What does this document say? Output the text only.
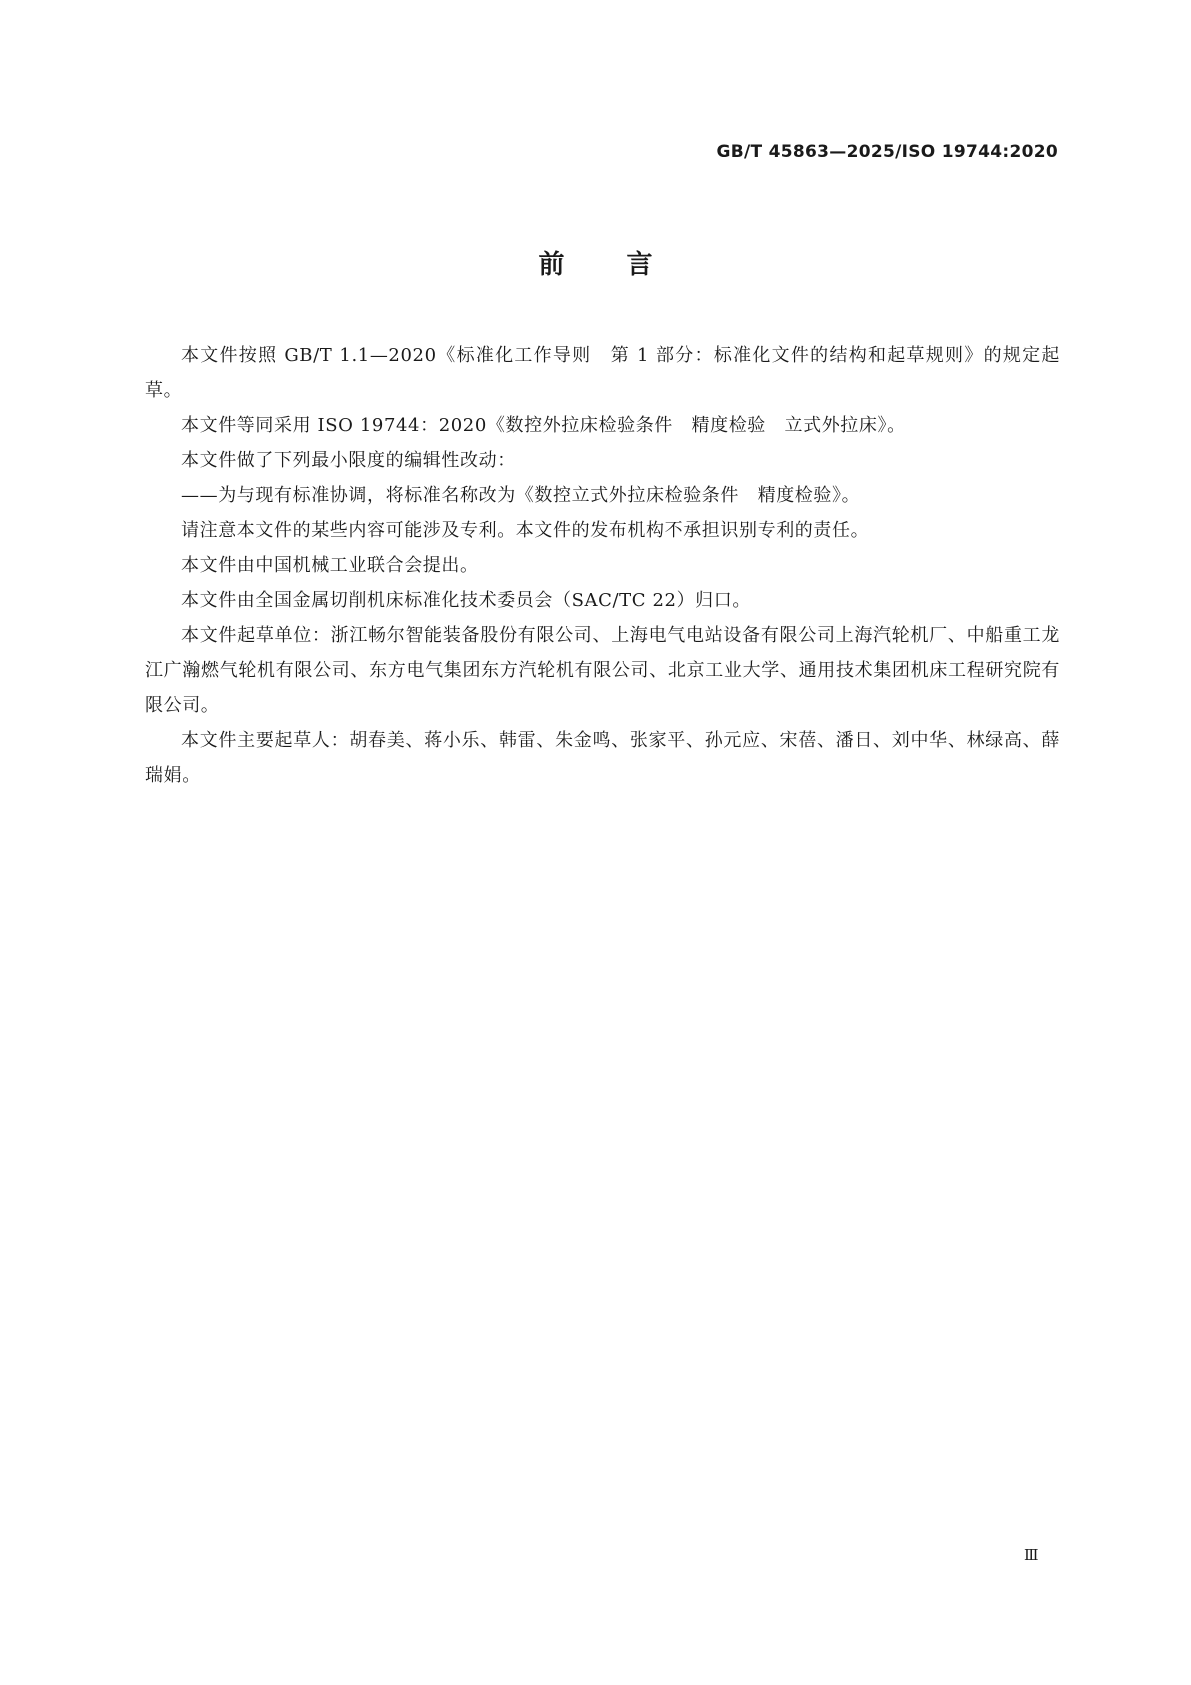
GB/T 45863—2025/ISO 19744:2020
前 言

本文件按照 GB/T 1.1—2020《标准化工作导则　第 1 部分：标准化文件的结构和起草规则》的规定起草。

本文件等同采用 ISO 19744：2020《数控外拉床检验条件　精度检验　立式外拉床》。

本文件做了下列最小限度的编辑性改动：

——为与现有标准协调，将标准名称改为《数控立式外拉床检验条件　精度检验》。

请注意本文件的某些内容可能涉及专利。本文件的发布机构不承担识别专利的责任。

本文件由中国机械工业联合会提出。

本文件由全国金属切削机床标准化技术委员会（SAC/TC 22）归口。

本文件起草单位：浙江畅尔智能装备股份有限公司、上海电气电站设备有限公司上海汽轮机厂、中船重工龙江广瀚燃气轮机有限公司、东方电气集团东方汽轮机有限公司、北京工业大学、通用技术集团机床工程研究院有限公司。

本文件主要起草人：胡春美、蒋小乐、韩雷、朱金鸣、张家平、孙元应、宋蓓、潘日、刘中华、林绿高、薛瑞娟。

Ⅲ
